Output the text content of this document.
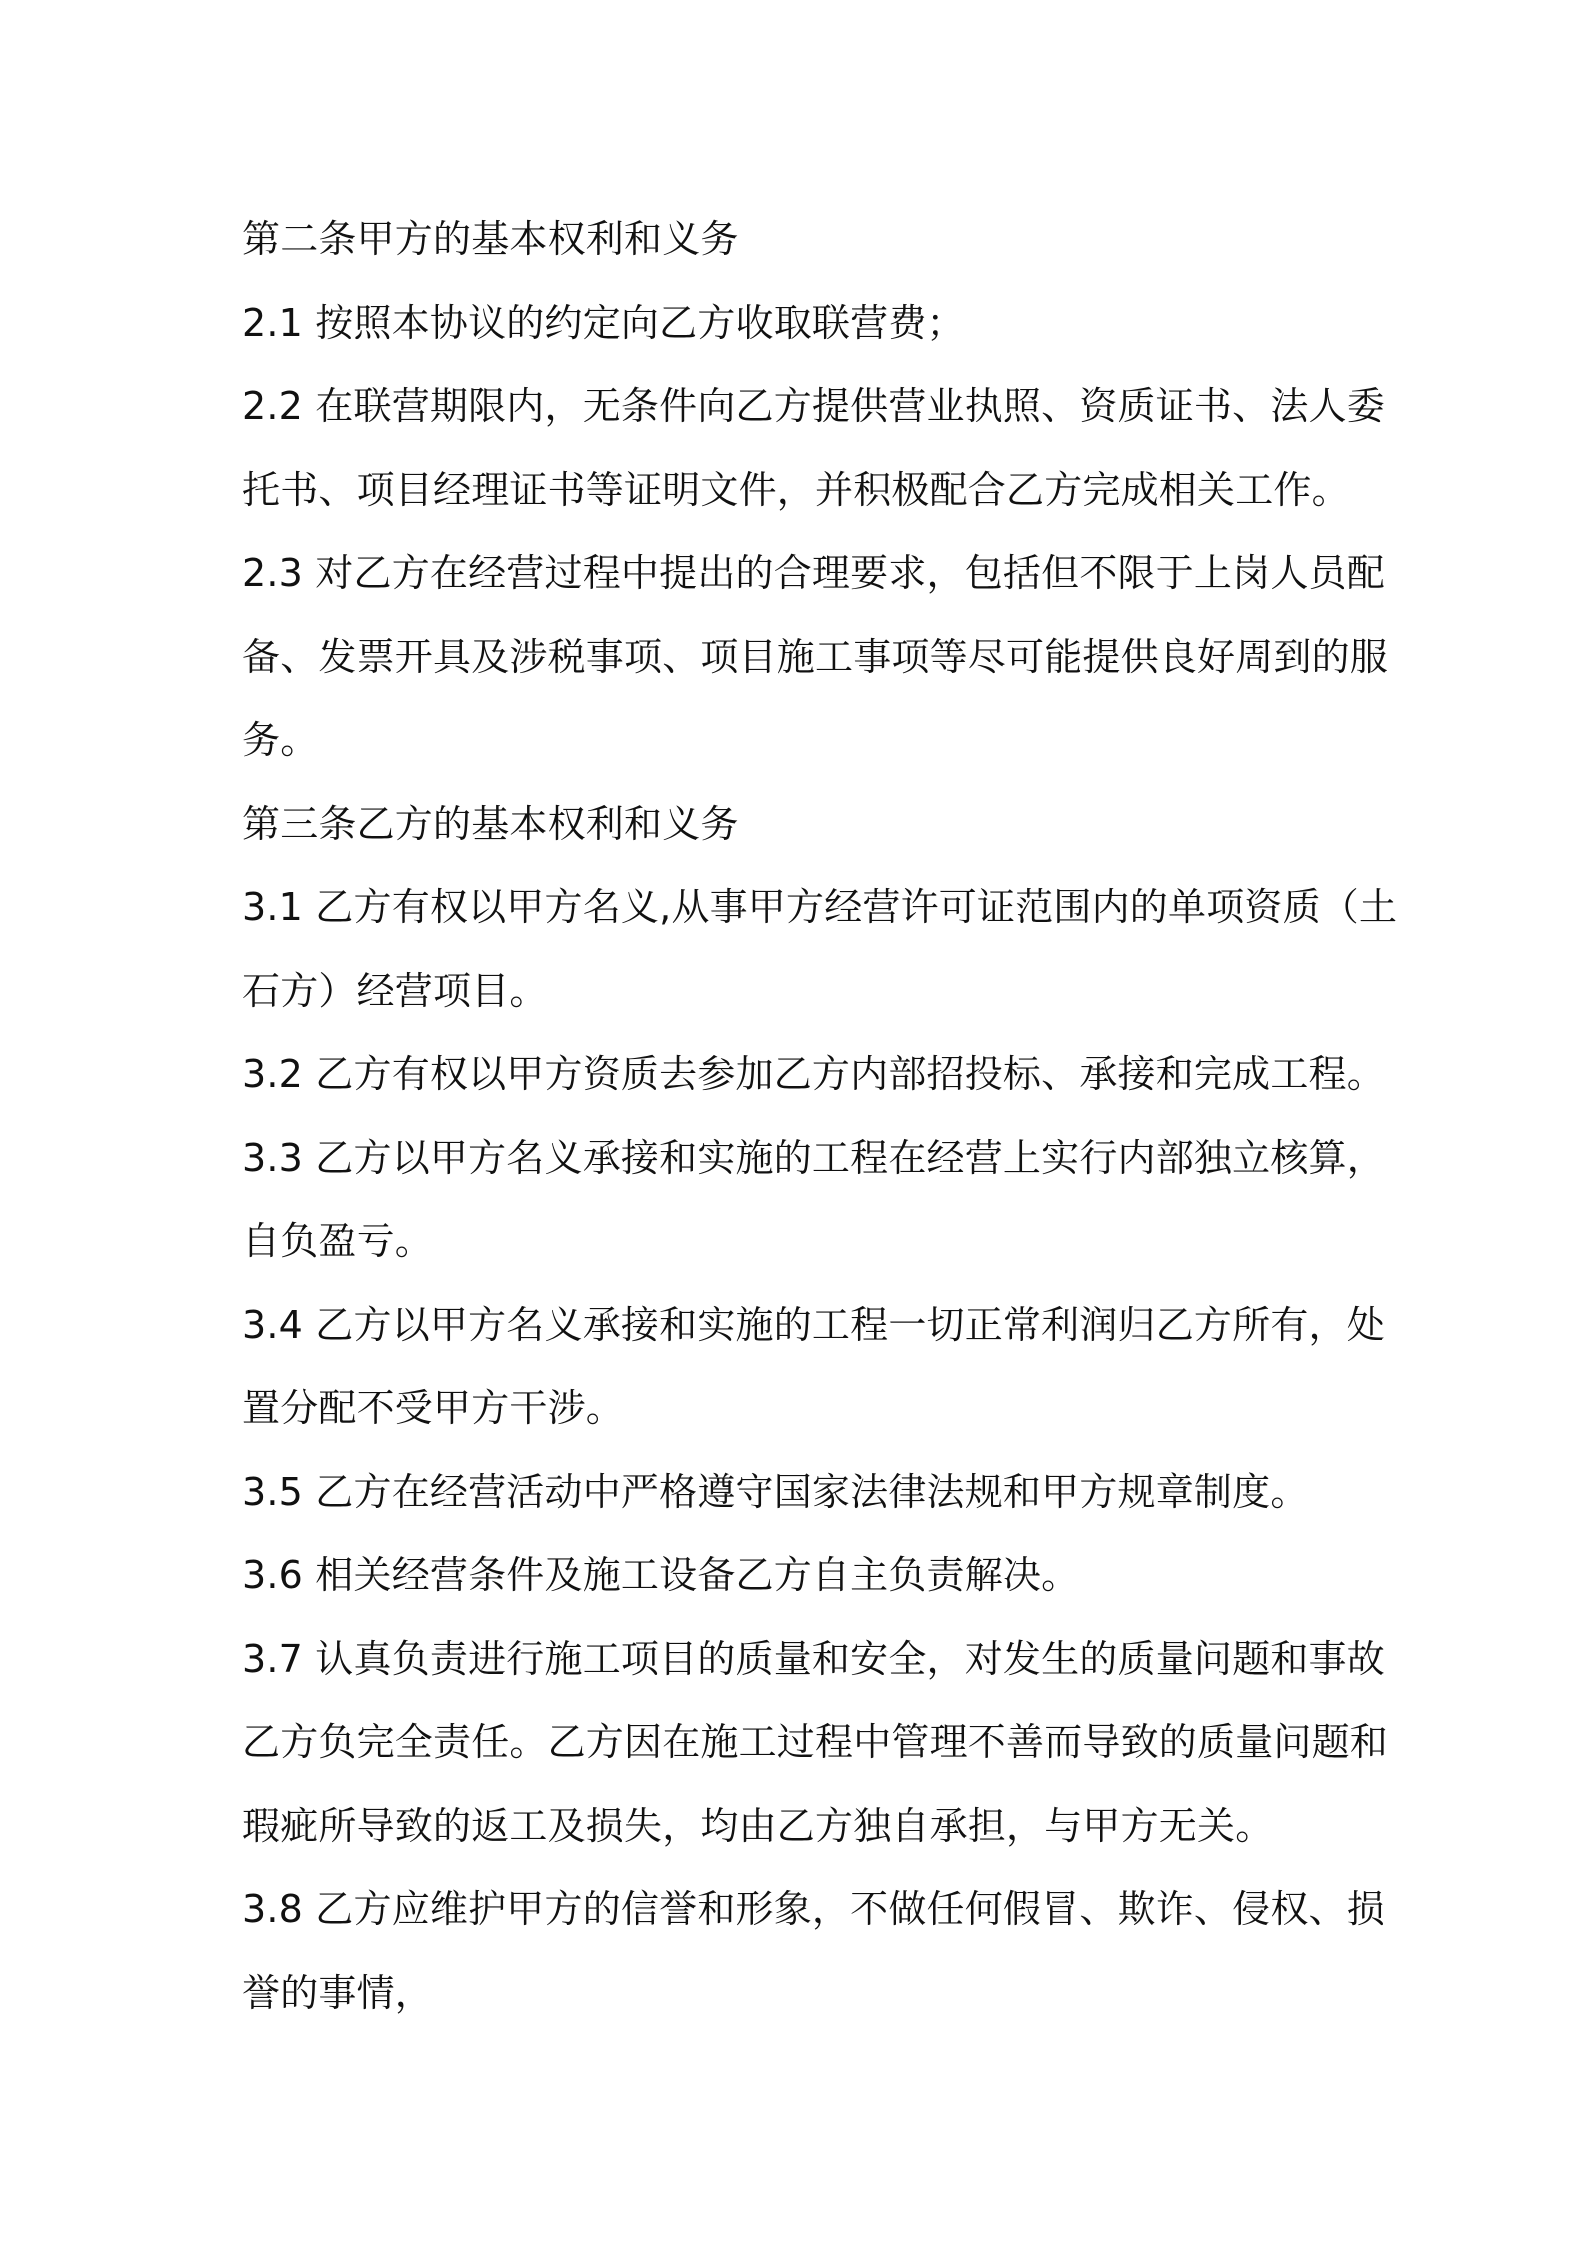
第二条甲方的基本权利和义务
2.1 按照本协议的约定向乙方收取联营费；
2.2 在联营期限内，无条件向乙方提供营业执照、资质证书、法人委
托书、项目经理证书等证明文件，并积极配合乙方完成相关工作。
2.3 对乙方在经营过程中提出的合理要求，包括但不限于上岗人员配
备、发票开具及涉税事项、项目施工事项等尽可能提供良好周到的服
务。
第三条乙方的基本权利和义务
3.1 乙方有权以甲方名义,从事甲方经营许可证范围内的单项资质（土
石方）经营项目。
3.2 乙方有权以甲方资质去参加乙方内部招投标、承接和完成工程。
3.3 乙方以甲方名义承接和实施的工程在经营上实行内部独立核算，
自负盈亏。
3.4 乙方以甲方名义承接和实施的工程一切正常利润归乙方所有，处
置分配不受甲方干涉。
3.5 乙方在经营活动中严格遵守国家法律法规和甲方规章制度。
3.6 相关经营条件及施工设备乙方自主负责解决。
3.7 认真负责进行施工项目的质量和安全，对发生的质量问题和事故
乙方负完全责任。乙方因在施工过程中管理不善而导致的质量问题和
瑕疵所导致的返工及损失，均由乙方独自承担，与甲方无关。
3.8 乙方应维护甲方的信誉和形象，不做任何假冒、欺诈、侵权、损
誉的事情，
